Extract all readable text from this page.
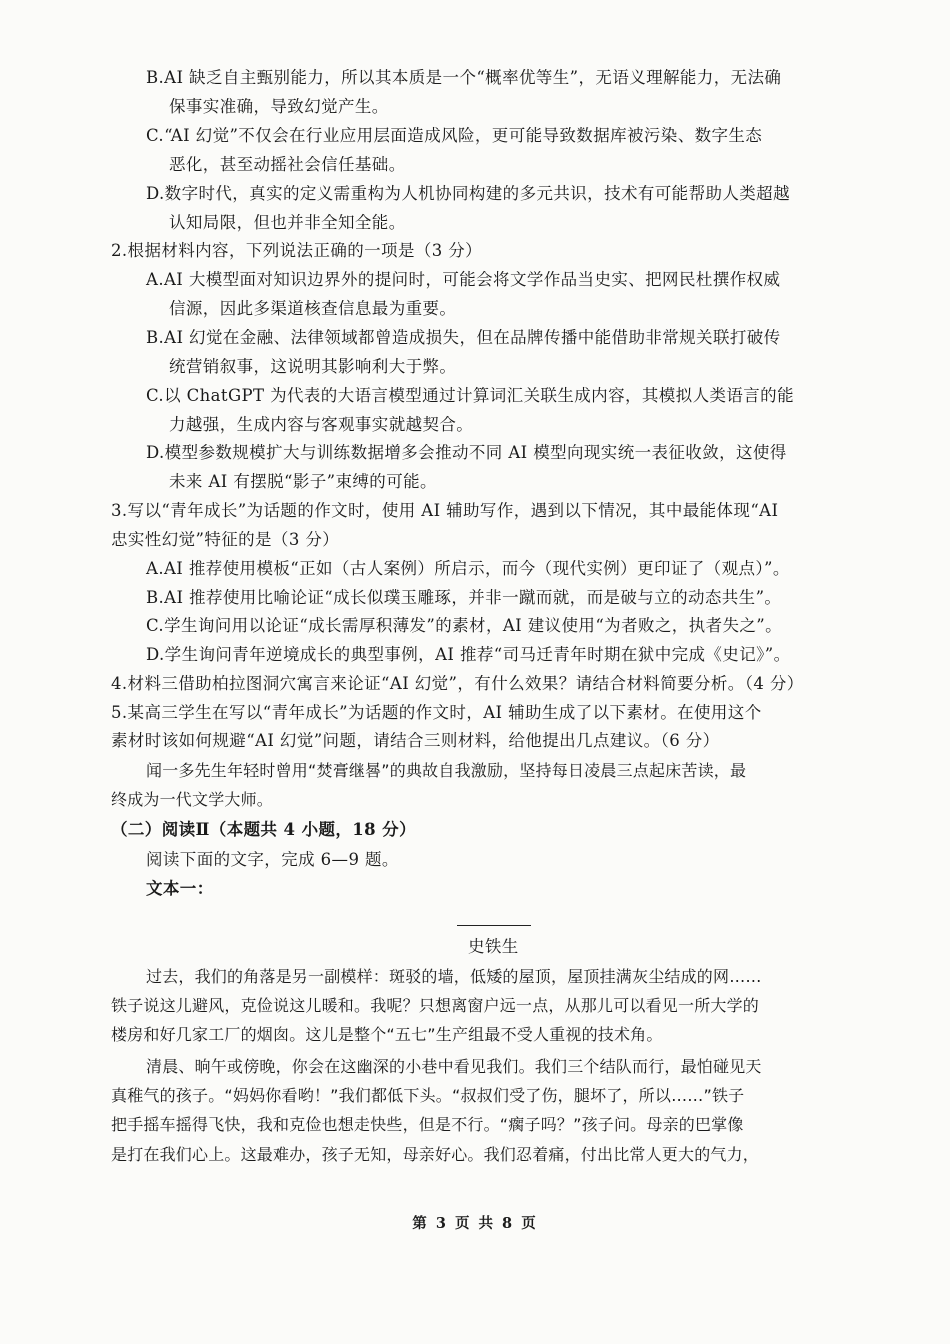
B.AI 缺乏自主甄别能力，所以其本质是一个“概率优等生”，无语义理解能力，无法确
保事实准确，导致幻觉产生。
C.“AI 幻觉”不仅会在行业应用层面造成风险，更可能导致数据库被污染、数字生态
恶化，甚至动摇社会信任基础。
D.数字时代，真实的定义需重构为人机协同构建的多元共识，技术有可能帮助人类超越
认知局限，但也并非全知全能。
2.根据材料内容，下列说法正确的一项是（3 分）
A.AI 大模型面对知识边界外的提问时，可能会将文学作品当史实、把网民杜撰作权威
信源，因此多渠道核查信息最为重要。
B.AI 幻觉在金融、法律领域都曾造成损失，但在品牌传播中能借助非常规关联打破传
统营销叙事，这说明其影响利大于弊。
C.以 ChatGPT 为代表的大语言模型通过计算词汇关联生成内容，其模拟人类语言的能
力越强，生成内容与客观事实就越契合。
D.模型参数规模扩大与训练数据增多会推动不同 AI 模型向现实统一表征收敛，这使得
未来 AI 有摆脱“影子”束缚的可能。
3.写以“青年成长”为话题的作文时，使用 AI 辅助写作，遇到以下情况，其中最能体现“AI
忠实性幻觉”特征的是（3 分）
A.AI 推荐使用模板“正如（古人案例）所启示，而今（现代实例）更印证了（观点）”。
B.AI 推荐使用比喻论证“成长似璞玉雕琢，并非一蹴而就，而是破与立的动态共生”。
C.学生询问用以论证“成长需厚积薄发”的素材，AI 建议使用“为者败之，执者失之”。
D.学生询问青年逆境成长的典型事例，AI 推荐“司马迁青年时期在狱中完成《史记》”。
4.材料三借助柏拉图洞穴寓言来论证“AI 幻觉”，有什么效果？请结合材料简要分析。（4 分）
5.某高三学生在写以“青年成长”为话题的作文时，AI 辅助生成了以下素材。在使用这个
素材时该如何规避“AI 幻觉”问题，请结合三则材料，给他提出几点建议。（6 分）
闻一多先生年轻时曾用“焚膏继晷”的典故自我激励，坚持每日凌晨三点起床苦读，最
终成为一代文学大师。
（二）阅读Ⅱ（本题共 4 小题，18 分）
阅读下面的文字，完成 6—9 题。
文本一：
史铁生
过去，我们的角落是另一副模样：斑驳的墙，低矮的屋顶，屋顶挂满灰尘结成的网……
铁子说这儿避风，克俭说这儿暖和。我呢？只想离窗户远一点，从那儿可以看见一所大学的
楼房和好几家工厂的烟囱。这儿是整个“五七”生产组最不受人重视的技术角。
清晨、晌午或傍晚，你会在这幽深的小巷中看见我们。我们三个结队而行，最怕碰见天
真稚气的孩子。“妈妈你看哟！”我们都低下头。“叔叔们受了伤，腿坏了，所以……”铁子
把手摇车摇得飞快，我和克俭也想走快些，但是不行。“瘸子吗？”孩子问。母亲的巴掌像
是打在我们心上。这最难办，孩子无知，母亲好心。我们忍着痛，付出比常人更大的气力，
第 3 页 共 8 页
